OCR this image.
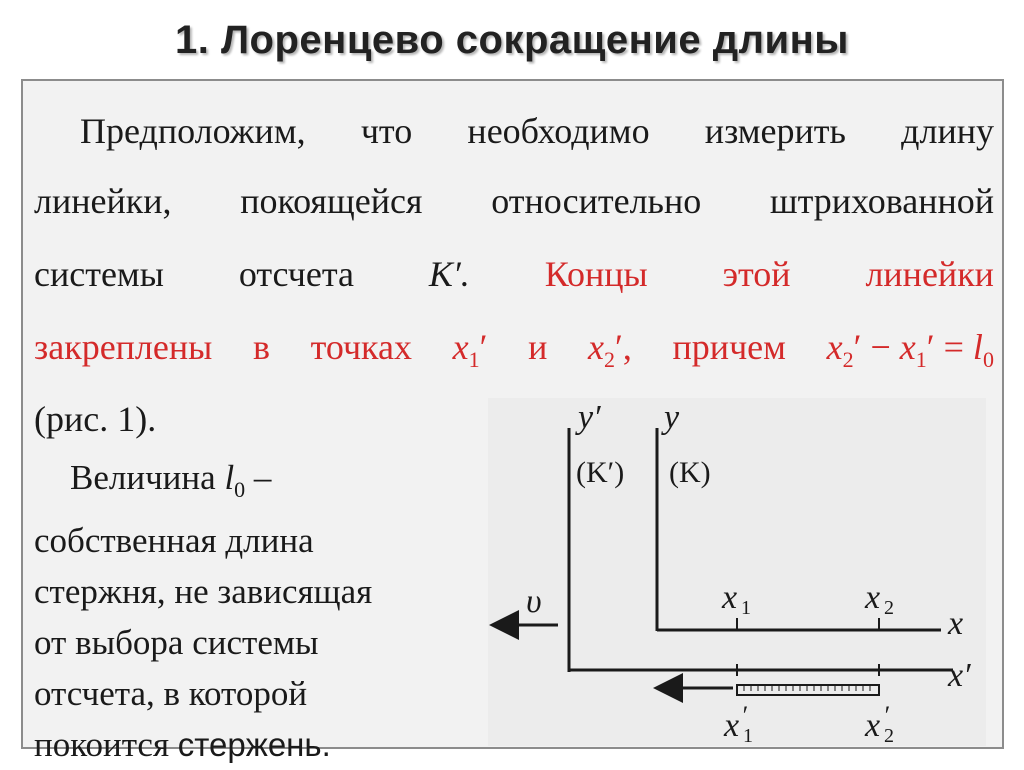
1. Лоренцево сокращение длины
Предположим, что необходимо измерить длину
линейки, покоящейся относительно штрихованной
системы отсчета K′. Концы этой линейки
закреплены в точках $x_1'$ и $x_2'$, причем $x_2' - x_1' = l_0$
(рис. 1).
Величина $l_0$ –
собственная длина
стержня, не зависящая
от выбора системы
отсчета, в которой
покоится стержень.
y′ y
(K′) (K)
υ
x
x′
x 1	x 2
x 1
′	x 2
′
